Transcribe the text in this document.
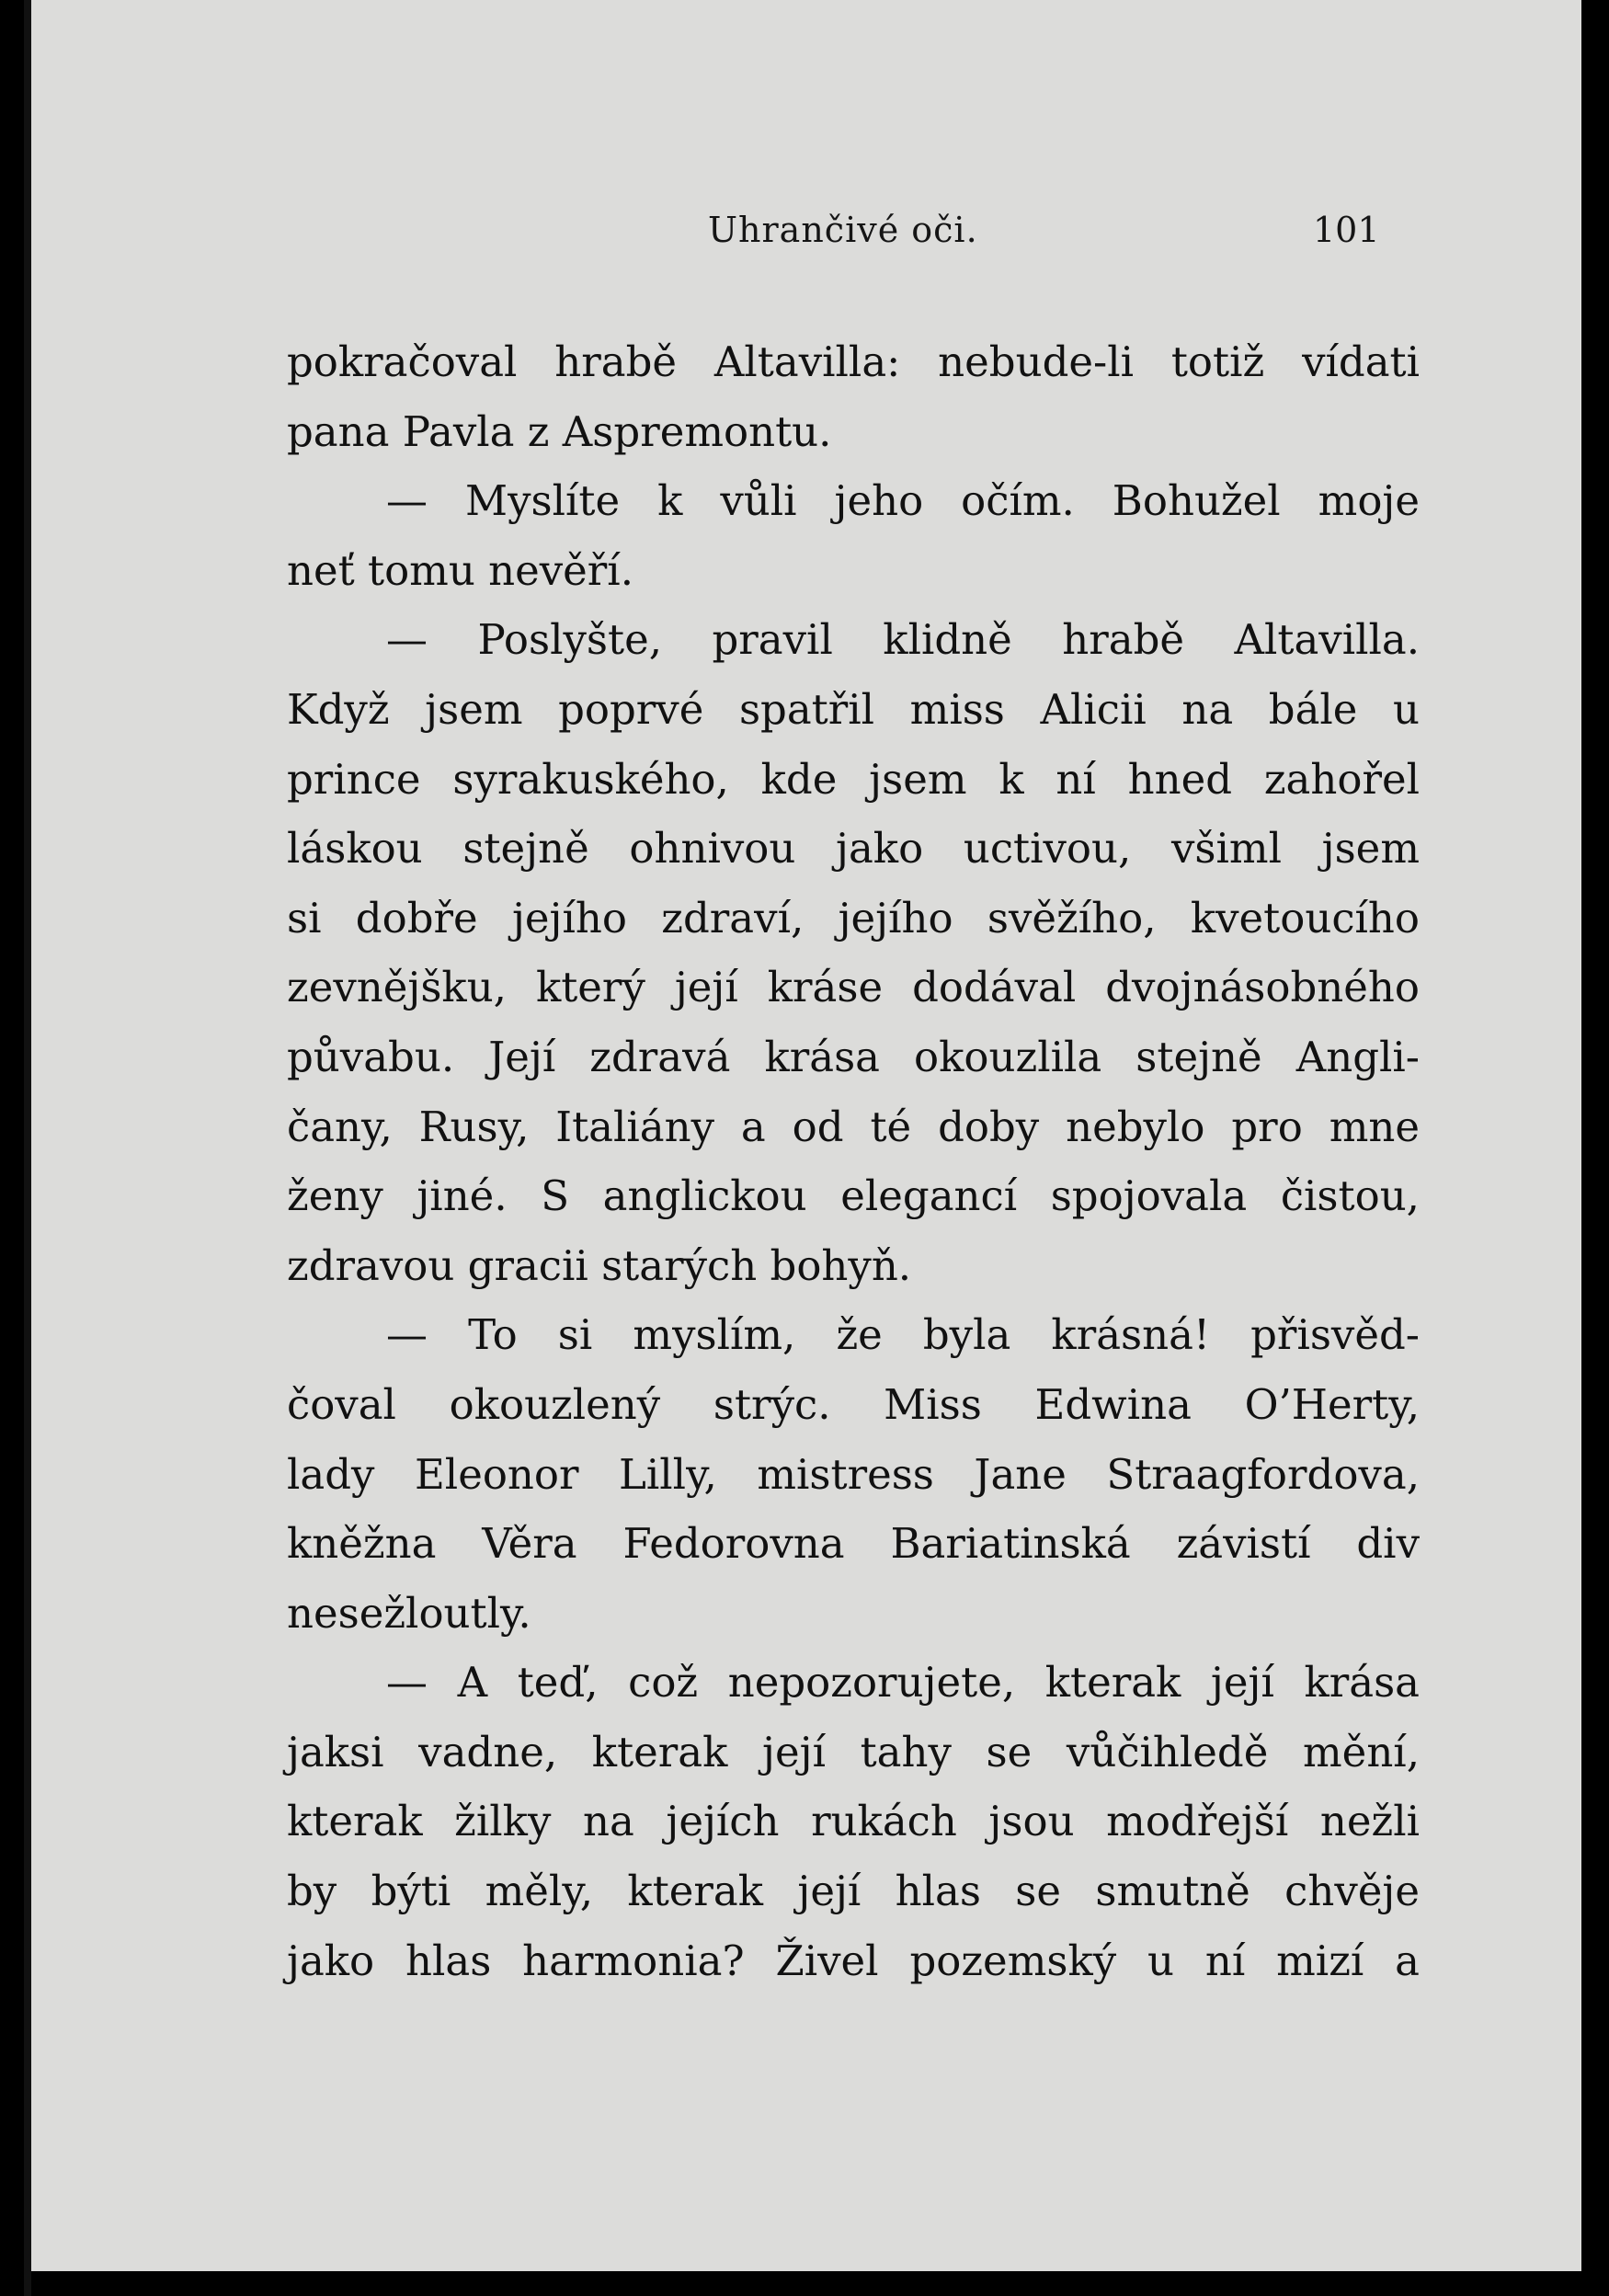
Uhrančivé oči.	101
pokračoval hrabě Altavilla: nebude-li totiž vídati
pana Pavla z Aspremontu.
— Myslíte k vůli jeho očím. Bohužel moje
neť tomu nevěří.
— Poslyšte, pravil klidně hrabě Altavilla.
Když jsem poprvé spatřil miss Alicii na bále u
prince syrakuského, kde jsem k ní hned zahořel
láskou stejně ohnivou jako uctivou, všiml jsem
si dobře jejího zdraví, jejího svěžího, kvetoucího
zevnějšku, který její kráse dodával dvojnásobného
půvabu. Její zdravá krása okouzlila stejně Angli-
čany, Rusy, Italiány a od té doby nebylo pro mne
ženy jiné. S anglickou elegancí spojovala čistou,
zdravou gracii starých bohyň.
— To si myslím, že byla krásná! přisvěd-
čoval okouzlený strýc. Miss Edwina O’Herty,
lady Eleonor Lilly, mistress Jane Straagfordova,
kněžna Věra Fedorovna Bariatinská závistí div
nesežloutly.
— A teď, což nepozorujete, kterak její krása
jaksi vadne, kterak její tahy se vůčihledě mění,
kterak žilky na jejích rukách jsou modřejší nežli
by býti měly, kterak její hlas se smutně chvěje
jako hlas harmonia? Živel pozemský u ní mizí a
